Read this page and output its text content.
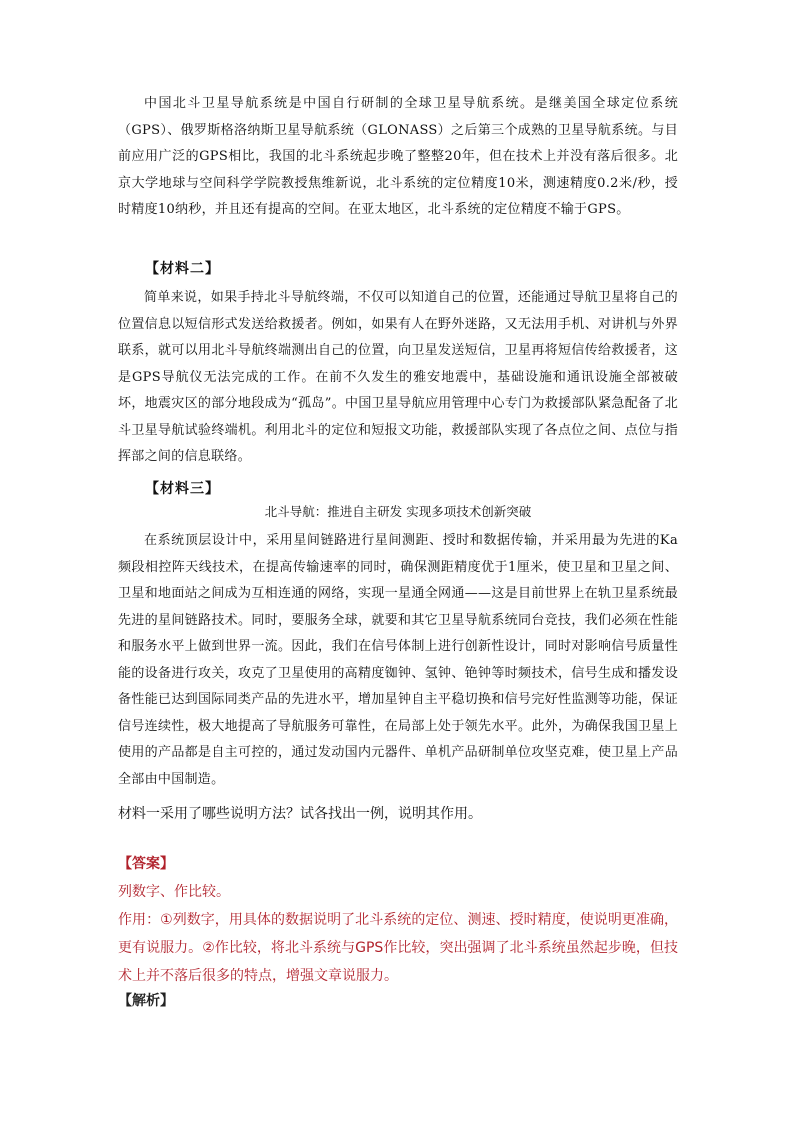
中国北斗卫星导航系统是中国自行研制的全球卫星导航系统。是继美国全球定位系统（GPS）、俄罗斯格洛纳斯卫星导航系统（GLONASS）之后第三个成熟的卫星导航系统。与目前应用广泛的GPS相比，我国的北斗系统起步晚了整整20年，但在技术上并没有落后很多。北京大学地球与空间科学学院教授焦维新说，北斗系统的定位精度10米，测速精度0.2米/秒，授时精度10纳秒，并且还有提高的空间。在亚太地区，北斗系统的定位精度不输于GPS。
【材料二】
简单来说，如果手持北斗导航终端，不仅可以知道自己的位置，还能通过导航卫星将自己的位置信息以短信形式发送给救援者。例如，如果有人在野外迷路，又无法用手机、对讲机与外界联系，就可以用北斗导航终端测出自己的位置，向卫星发送短信，卫星再将短信传给救援者，这是GPS导航仪无法完成的工作。在前不久发生的雅安地震中，基础设施和通讯设施全部被破坏，地震灾区的部分地段成为“孤岛”。中国卫星导航应用管理中心专门为救援部队紧急配备了北斗卫星导航试验终端机。利用北斗的定位和短报文功能，救援部队实现了各点位之间、点位与指挥部之间的信息联络。
【材料三】
北斗导航：推进自主研发 实现多项技术创新突破
在系统顶层设计中，采用星间链路进行星间测距、授时和数据传输，并采用最为先进的Ka频段相控阵天线技术，在提高传输速率的同时，确保测距精度优于1厘米，使卫星和卫星之间、卫星和地面站之间成为互相连通的网络，实现一星通全网通——这是目前世界上在轨卫星系统最先进的星间链路技术。同时，要服务全球，就要和其它卫星导航系统同台竞技，我们必须在性能和服务水平上做到世界一流。因此，我们在信号体制上进行创新性设计，同时对影响信号质量性能的设备进行攻关，攻克了卫星使用的高精度铷钟、氢钟、铯钟等时频技术，信号生成和播发设备性能已达到国际同类产品的先进水平，增加星钟自主平稳切换和信号完好性监测等功能，保证信号连续性，极大地提高了导航服务可靠性，在局部上处于领先水平。此外，为确保我国卫星上使用的产品都是自主可控的，通过发动国内元器件、单机产品研制单位攻坚克难，使卫星上产品全部由中国制造。
材料一采用了哪些说明方法？试各找出一例，说明其作用。
【答案】
列数字、作比较。
作用：①列数字，用具体的数据说明了北斗系统的定位、测速、授时精度，使说明更准确，更有说服力。②作比较，将北斗系统与GPS作比较，突出强调了北斗系统虽然起步晚，但技术上并不落后很多的特点，增强文章说服力。
【解析】
